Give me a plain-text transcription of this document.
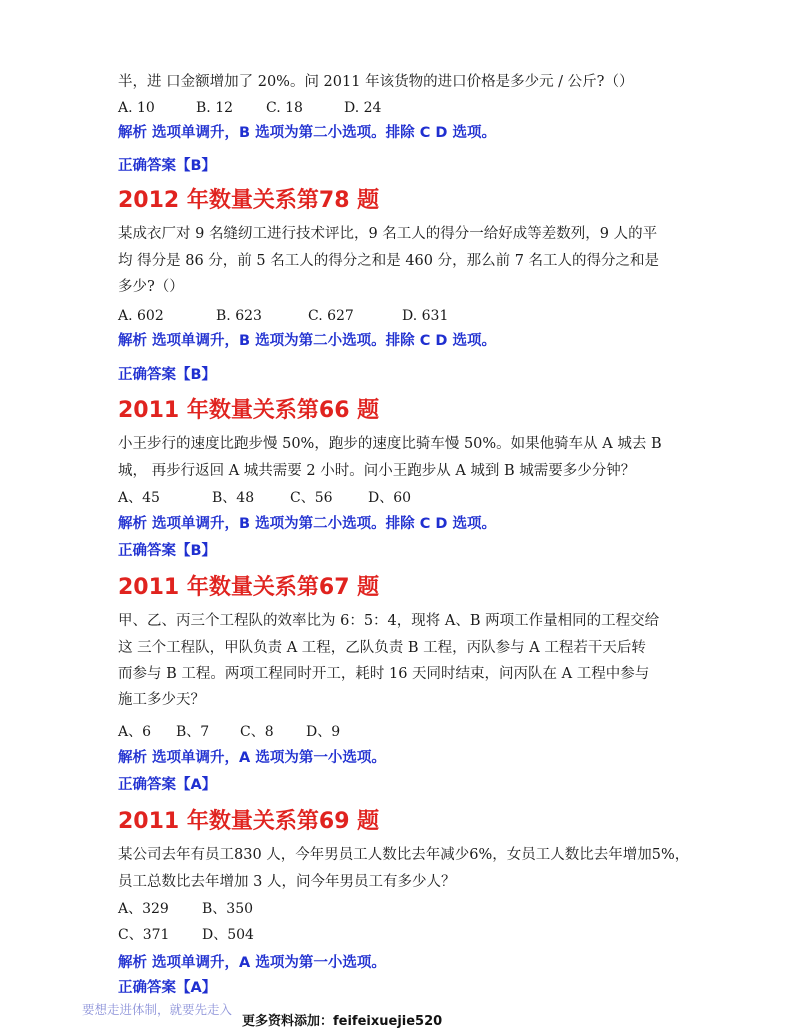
半，进 口金额增加了 20%。问 2011 年该货物的进口价格是多少元 / 公斤?（）
A. 10	B. 12 C. 18	D. 24
解析 选项单调升，B 选项为第二小选项。排除 C D 选项。
正确答案【B】
2012 年数量关系第78 题
某成衣厂对 9 名缝纫工进行技术评比，9 名工人的得分一给好成等差数列，9 人的平
均 得分是 86 分，前 5 名工人的得分之和是 460 分，那么前 7 名工人的得分之和是
多少?（）
A. 602	B. 623	C. 627	D. 631
解析 选项单调升，B 选项为第二小选项。排除 C D 选项。
正确答案【B】
2011 年数量关系第66 题
小王步行的速度比跑步慢 50%，跑步的速度比骑车慢 50%。如果他骑车从 A 城去 B
城， 再步行返回 A 城共需要 2 小时。问小王跑步从 A 城到 B 城需要多少分钟？
A、45	B、48	C、56	D、60
解析 选项单调升，B 选项为第二小选项。排除 C D 选项。
正确答案【B】
2011 年数量关系第67 题
甲、乙、丙三个工程队的效率比为 6：5：4，现将 A、B 两项工作量相同的工程交给
这 三个工程队，甲队负责 A 工程，乙队负责 B 工程，丙队参与 A 工程若干天后转
而参与 B 工程。两项工程同时开工，耗时 16 天同时结束，问丙队在 A 工程中参与
施工多少天？
A、6 B、7 C、8 D、9
解析 选项单调升，A 选项为第一小选项。
正确答案【A】
2011 年数量关系第69 题
某公司去年有员工830 人，今年男员工人数比去年减少6%，女员工人数比去年增加5%，
员工总数比去年增加 3 人，问今年男员工有多少人？
A、329 B、350
C、371 D、504
解析 选项单调升，A 选项为第一小选项。
正确答案【A】
要想走进体制，就要先走入
更多资料添加：feifeixuejie520
